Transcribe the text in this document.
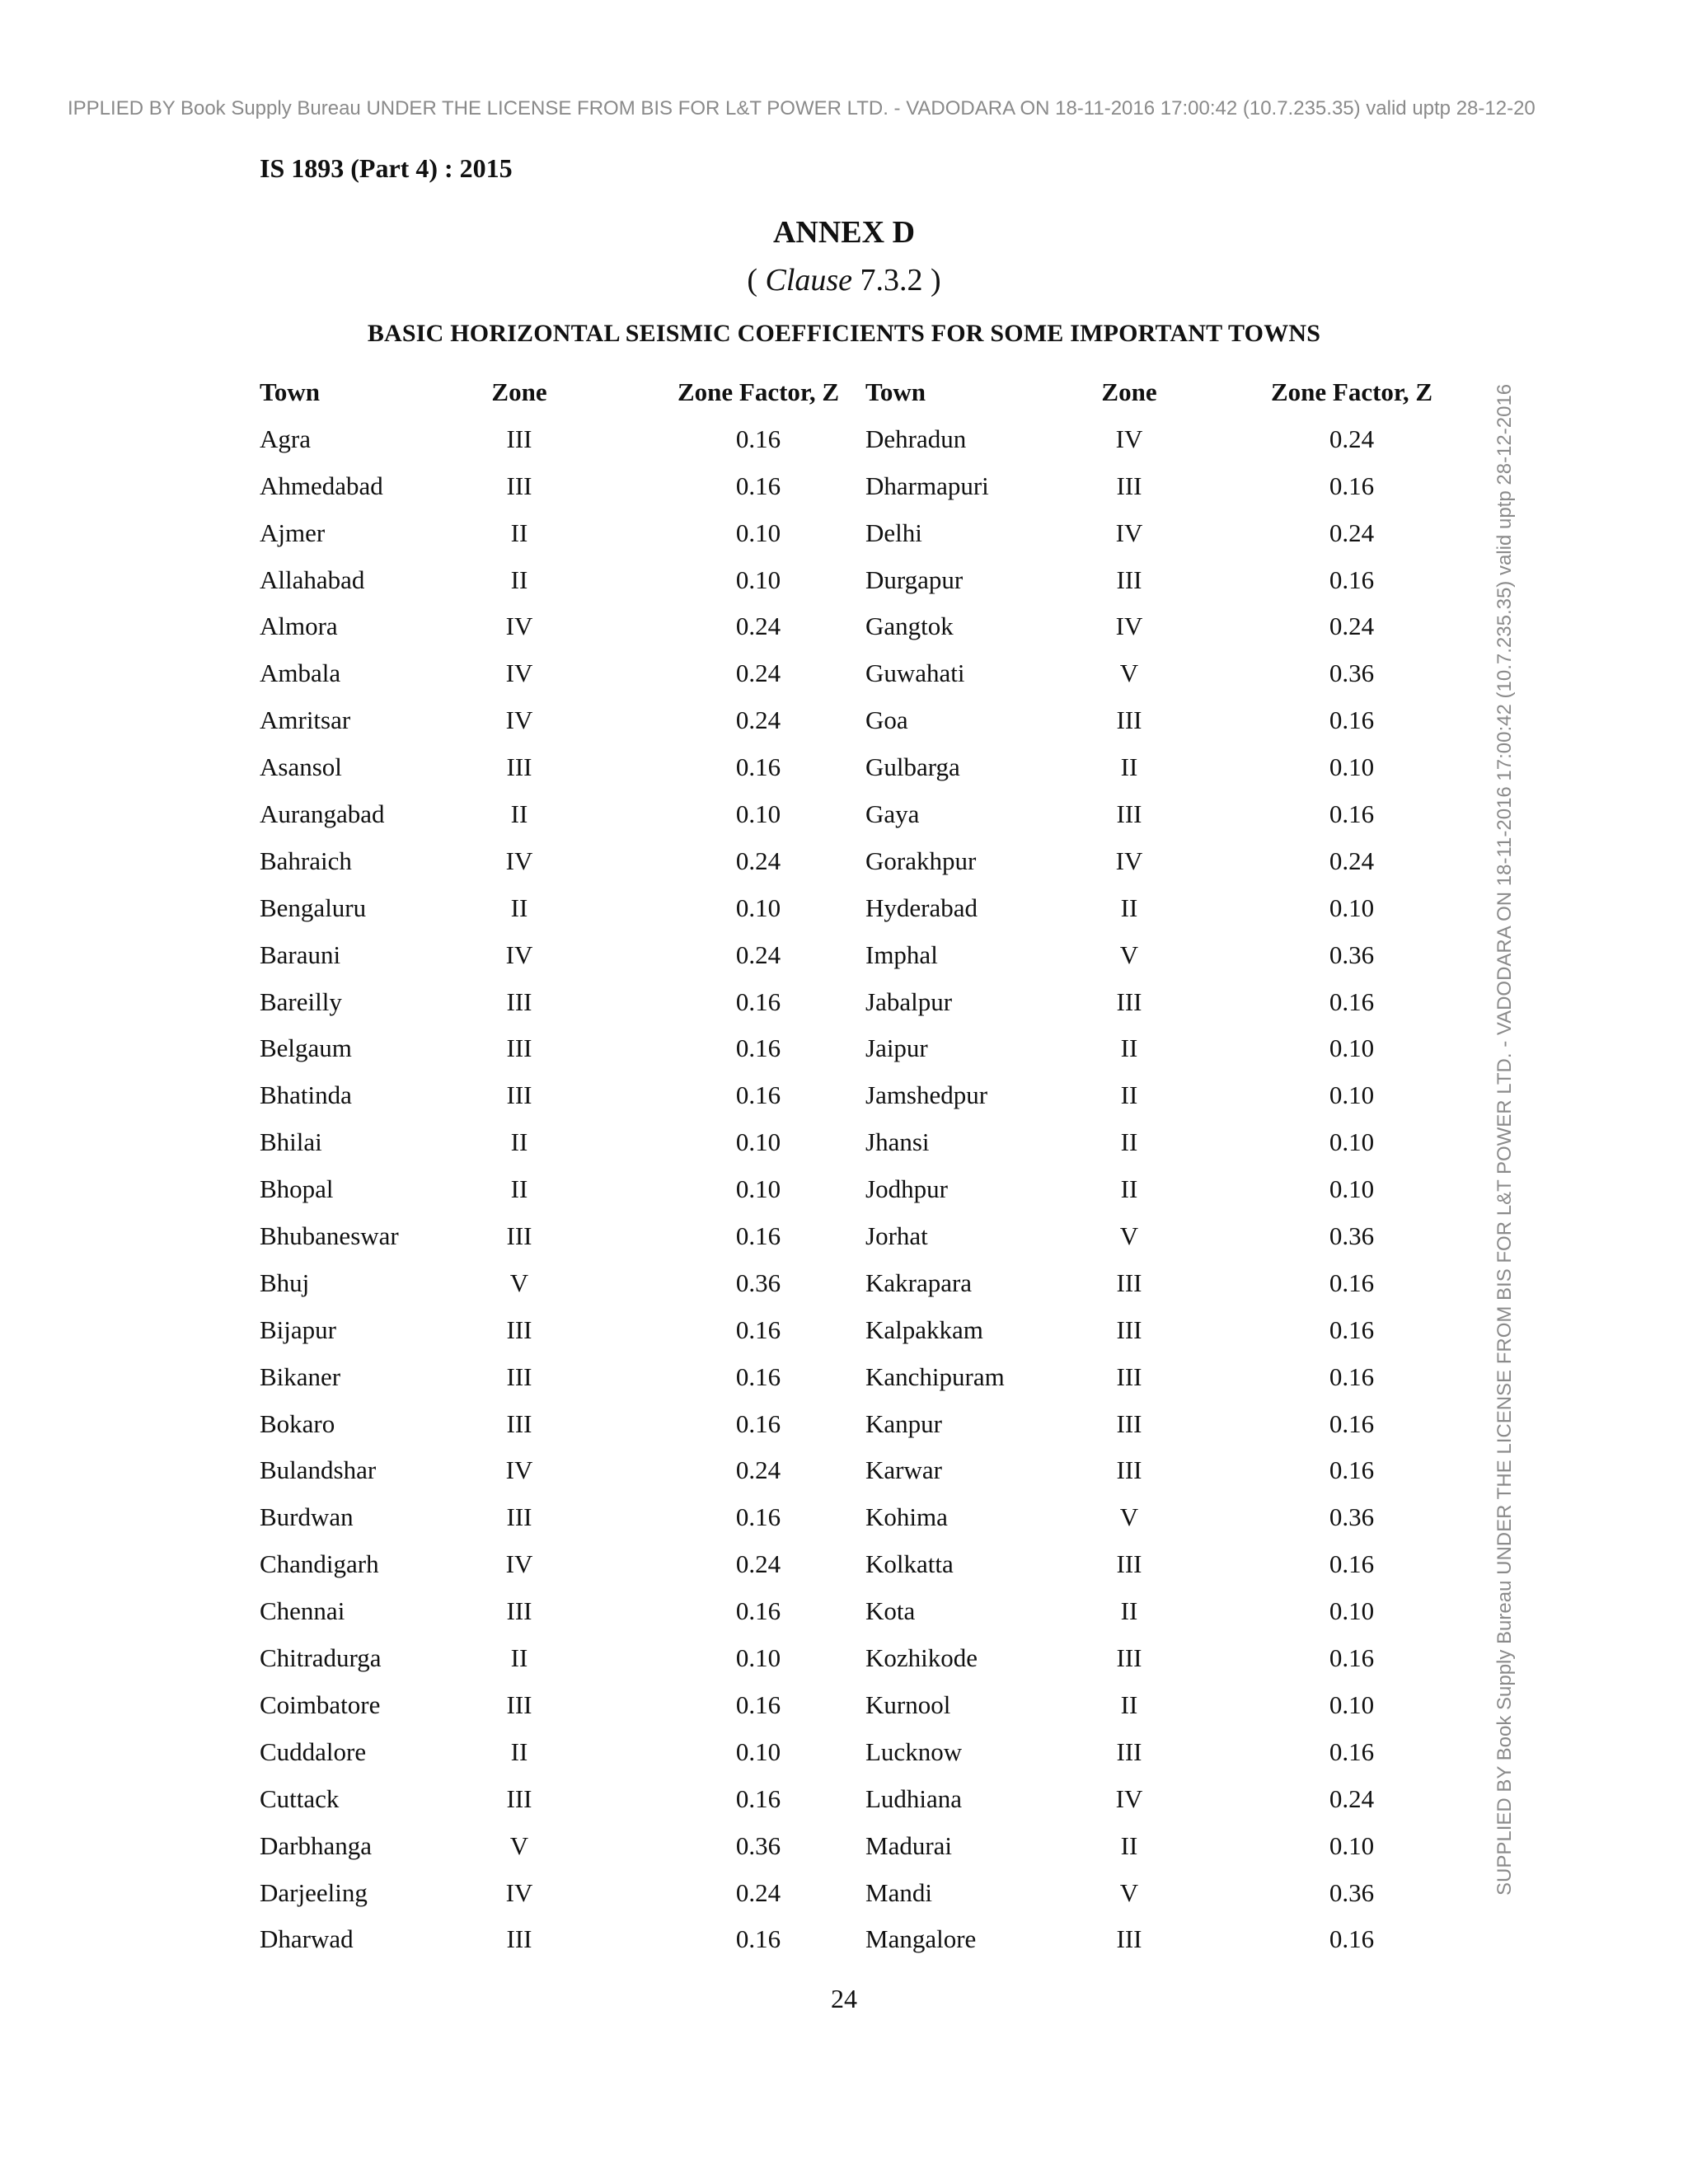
IPPLIED BY Book Supply Bureau UNDER THE LICENSE FROM BIS FOR L&T POWER LTD. - VADODARA ON 18-11-2016 17:00:42 (10.7.235.35) valid uptp 28-12-20
SUPPLIED BY Book Supply Bureau UNDER THE LICENSE FROM BIS FOR L&T POWER LTD. - VADODARA ON 18-11-2016 17:00:42 (10.7.235.35) valid uptp 28-12-2016
IS 1893 (Part 4) : 2015
ANNEX D
( Clause 7.3.2 )
BASIC HORIZONTAL SEISMIC COEFFICIENTS FOR SOME IMPORTANT TOWNS
Town	Zone	Zone Factor, Z	Town	Zone	Zone Factor, Z
Agra	III	0.16	Dehradun	IV	0.24
Ahmedabad	III	0.16	Dharmapuri	III	0.16
Ajmer	II	0.10	Delhi	IV	0.24
Allahabad	II	0.10	Durgapur	III	0.16
Almora	IV	0.24	Gangtok	IV	0.24
Ambala	IV	0.24	Guwahati	V	0.36
Amritsar	IV	0.24	Goa	III	0.16
Asansol	III	0.16	Gulbarga	II	0.10
Aurangabad	II	0.10	Gaya	III	0.16
Bahraich	IV	0.24	Gorakhpur	IV	0.24
Bengaluru	II	0.10	Hyderabad	II	0.10
Barauni	IV	0.24	Imphal	V	0.36
Bareilly	III	0.16	Jabalpur	III	0.16
Belgaum	III	0.16	Jaipur	II	0.10
Bhatinda	III	0.16	Jamshedpur	II	0.10
Bhilai	II	0.10	Jhansi	II	0.10
Bhopal	II	0.10	Jodhpur	II	0.10
Bhubaneswar	III	0.16	Jorhat	V	0.36
Bhuj	V	0.36	Kakrapara	III	0.16
Bijapur	III	0.16	Kalpakkam	III	0.16
Bikaner	III	0.16	Kanchipuram	III	0.16
Bokaro	III	0.16	Kanpur	III	0.16
Bulandshar	IV	0.24	Karwar	III	0.16
Burdwan	III	0.16	Kohima	V	0.36
Chandigarh	IV	0.24	Kolkatta	III	0.16
Chennai	III	0.16	Kota	II	0.10
Chitradurga	II	0.10	Kozhikode	III	0.16
Coimbatore	III	0.16	Kurnool	II	0.10
Cuddalore	II	0.10	Lucknow	III	0.16
Cuttack	III	0.16	Ludhiana	IV	0.24
Darbhanga	V	0.36	Madurai	II	0.10
Darjeeling	IV	0.24	Mandi	V	0.36
Dharwad	III	0.16	Mangalore	III	0.16
24
